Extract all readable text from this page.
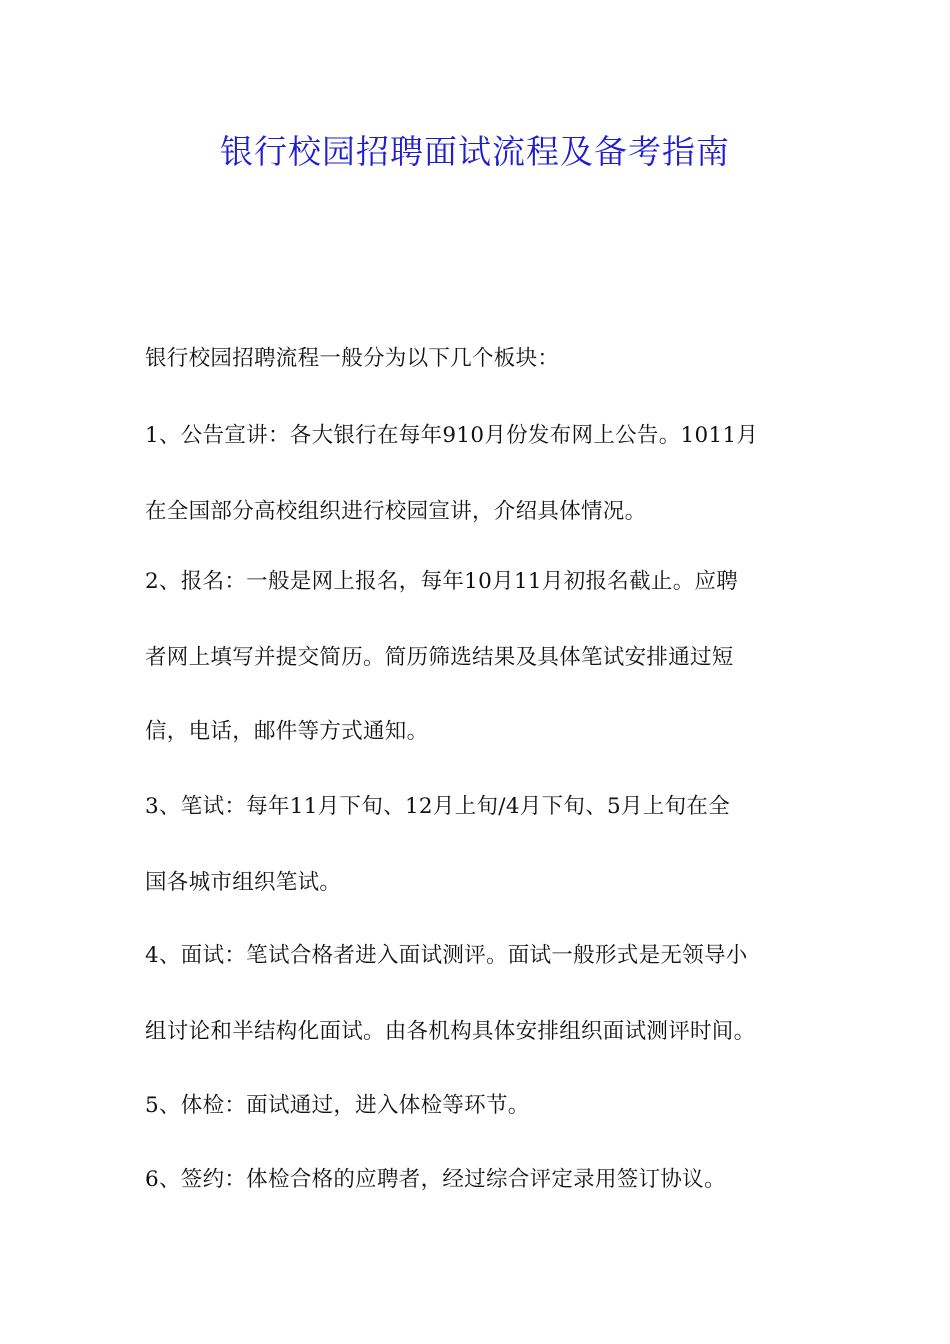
银行校园招聘面试流程及备考指南
银行校园招聘流程一般分为以下几个板块：
1、公告宣讲：各大银行在每年910月份发布网上公告。1011月
在全国部分高校组织进行校园宣讲，介绍具体情况。
2、报名：一般是网上报名，每年10月11月初报名截止。应聘
者网上填写并提交简历。简历筛选结果及具体笔试安排通过短
信，电话，邮件等方式通知。
3、笔试：每年11月下旬、12月上旬/4月下旬、5月上旬在全
国各城市组织笔试。
4、面试：笔试合格者进入面试测评。面试一般形式是无领导小
组讨论和半结构化面试。由各机构具体安排组织面试测评时间。
5、体检：面试通过，进入体检等环节。
6、签约：体检合格的应聘者，经过综合评定录用签订协议。
